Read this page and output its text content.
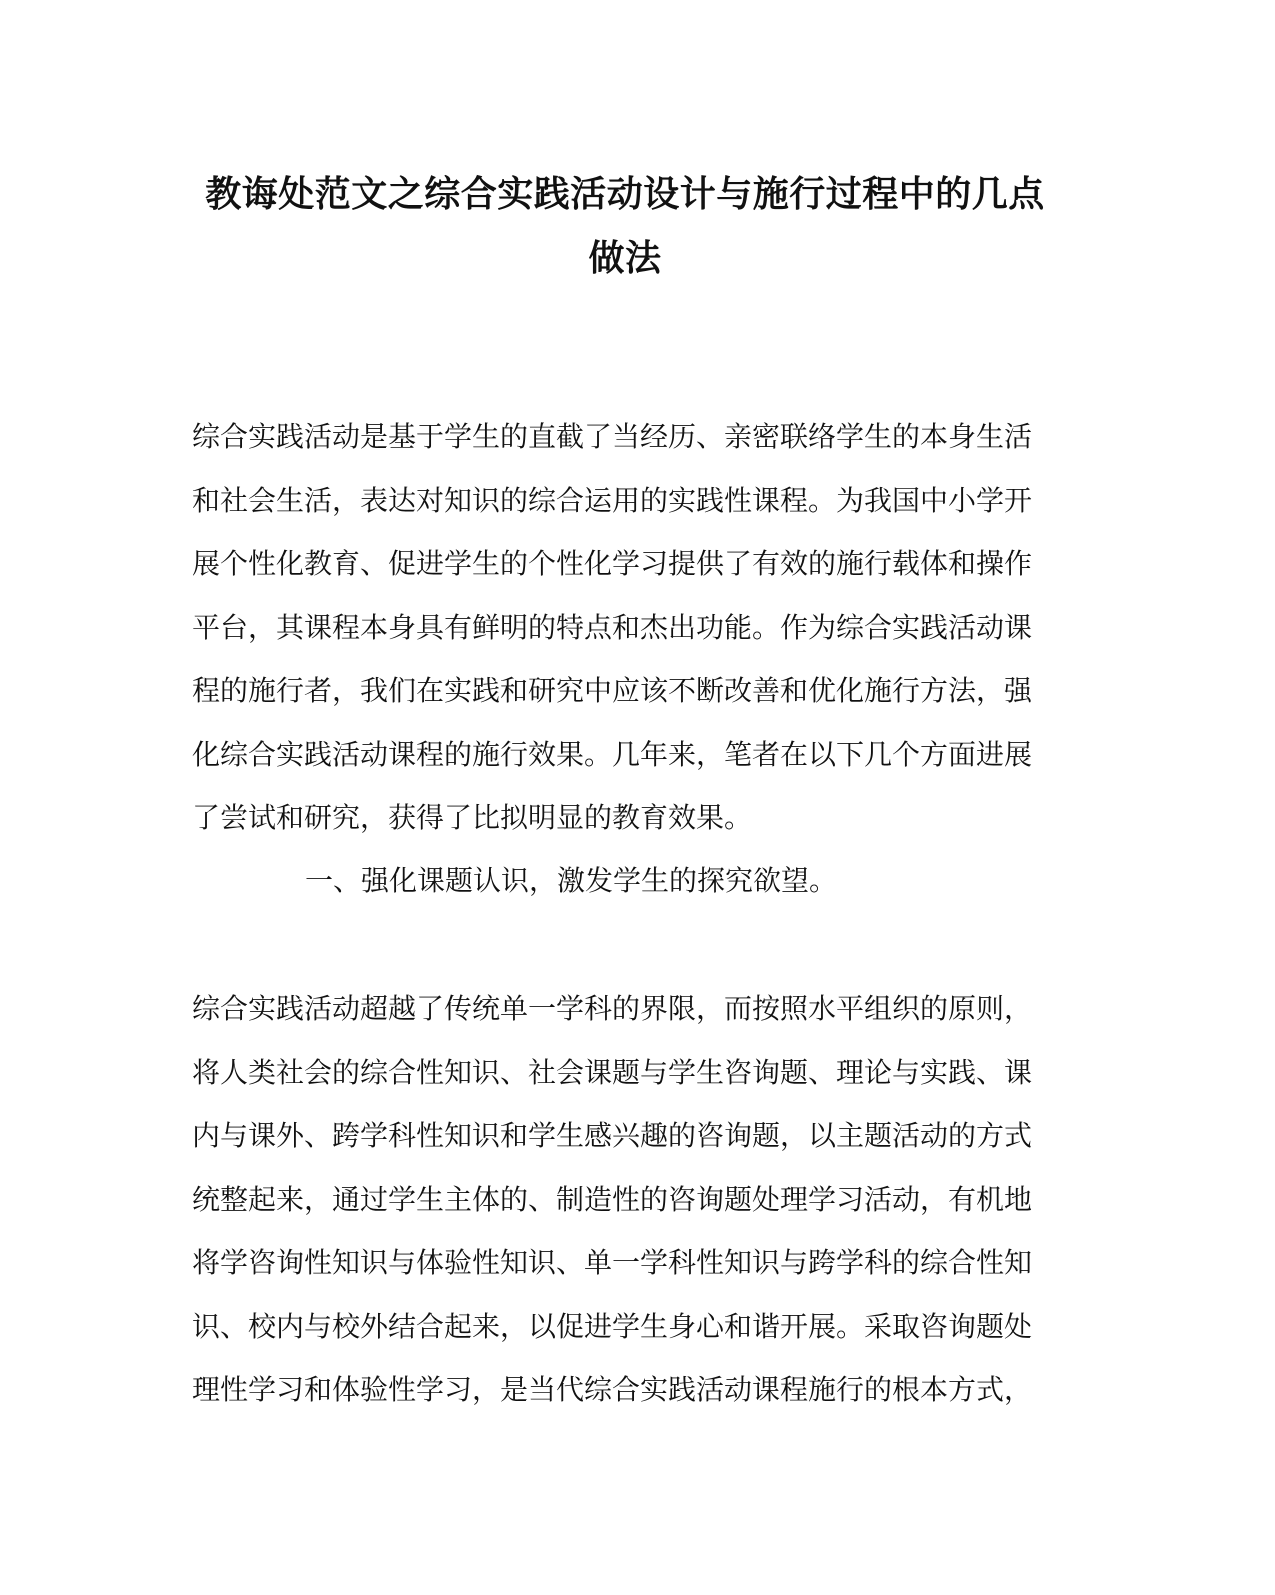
教诲处范文之综合实践活动设计与施行过程中的几点
做法
综合实践活动是基于学生的直截了当经历、亲密联络学生的本身生活
和社会生活，表达对知识的综合运用的实践性课程。为我国中小学开
展个性化教育、促进学生的个性化学习提供了有效的施行载体和操作
平台，其课程本身具有鲜明的特点和杰出功能。作为综合实践活动课
程的施行者，我们在实践和研究中应该不断改善和优化施行方法，强
化综合实践活动课程的施行效果。几年来，笔者在以下几个方面进展
了尝试和研究，获得了比拟明显的教育效果。
一、强化课题认识，激发学生的探究欲望。
综合实践活动超越了传统单一学科的界限，而按照水平组织的原则，
将人类社会的综合性知识、社会课题与学生咨询题、理论与实践、课
内与课外、跨学科性知识和学生感兴趣的咨询题，以主题活动的方式
统整起来，通过学生主体的、制造性的咨询题处理学习活动，有机地
将学咨询性知识与体验性知识、单一学科性知识与跨学科的综合性知
识、校内与校外结合起来，以促进学生身心和谐开展。采取咨询题处
理性学习和体验性学习，是当代综合实践活动课程施行的根本方式，
